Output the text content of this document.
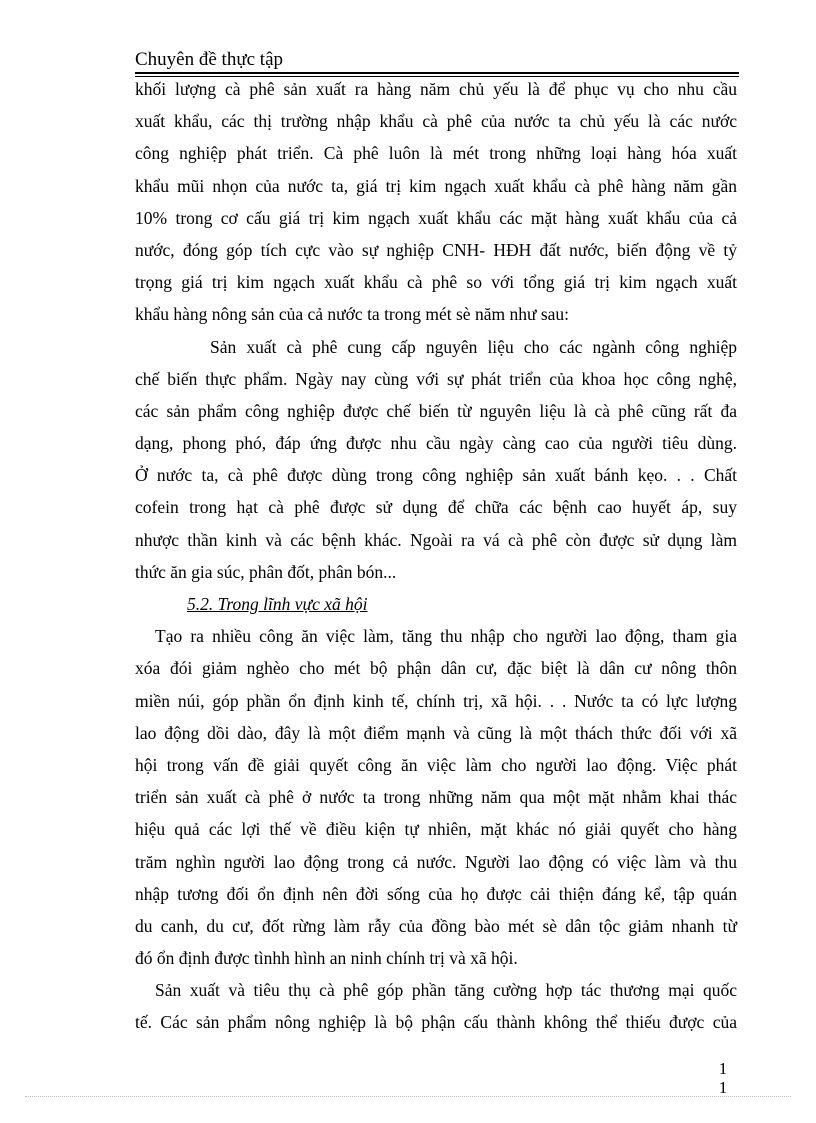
Chuyên đề thực tập
khối lượng cà phê sản xuất ra hàng năm chủ yếu là để phục vụ cho nhu cầu
xuất khẩu, các thị trường nhập khẩu cà phê của nước ta chủ yếu là các nước
công nghiệp phát triển. Cà phê luôn là mét trong những loại hàng hóa xuất
khẩu mũi nhọn của nước ta, giá trị kim ngạch xuất khẩu cà phê hàng năm gần
10% trong cơ cấu giá trị kim ngạch xuất khẩu các mặt hàng xuất khẩu của cả
nước, đóng góp tích cực vào sự nghiệp CNH- HĐH đất nước, biến động về tỷ
trọng giá trị kim ngạch xuất khẩu cà phê so với tổng giá trị kim ngạch xuất
khẩu hàng nông sản của cả nước ta trong mét sè năm như sau:
Sản xuất cà phê cung cấp nguyên liệu cho các ngành công nghiệp
chế biến thực phẩm. Ngày nay cùng với sự phát triển của khoa học công nghệ,
các sản phẩm công nghiệp được chế biến từ nguyên liệu là cà phê cũng rất đa
dạng, phong phó, đáp ứng được nhu cầu ngày càng cao của người tiêu dùng.
Ở nước ta, cà phê được dùng trong công nghiệp sản xuất bánh kẹo. . . Chất
cofein trong hạt cà phê được sử dụng để chữa các bệnh cao huyết áp, suy
nhược thần kinh và các bệnh khác. Ngoài ra vá cà phê còn được sử dụng làm
thức ăn gia súc, phân đốt, phân bón...
5.2. Trong lĩnh vực xã hội
Tạo ra nhiều công ăn việc làm, tăng thu nhập cho người lao động, tham gia
xóa đói giảm nghèo cho mét bộ phận dân cư, đặc biệt là dân cư nông thôn
miền núi, góp phần ổn định kinh tế, chính trị, xã hội. . . Nước ta có lực lượng
lao động dồi dào, đây là một điểm mạnh và cũng là một thách thức đối với xã
hội trong vấn đề giải quyết công ăn việc làm cho người lao động. Việc phát
triển sản xuất cà phê ở nước ta trong những năm qua một mặt nhằm khai thác
hiệu quả các lợi thế về điều kiện tự nhiên, mặt khác nó giải quyết cho hàng
trăm nghìn người lao động trong cả nước. Người lao động có việc làm và thu
nhập tương đối ổn định nên đời sống của họ được cải thiện đáng kể, tập quán
du canh, du cư, đốt rừng làm rẫy của đồng bào mét sè dân tộc giảm nhanh từ
đó ổn định được tìnhh hình an ninh chính trị và xã hội.
Sản xuất và tiêu thụ cà phê góp phần tăng cường hợp tác thương mại quốc
tế. Các sản phẩm nông nghiệp là bộ phận cấu thành không thể thiếu được của
1
1
